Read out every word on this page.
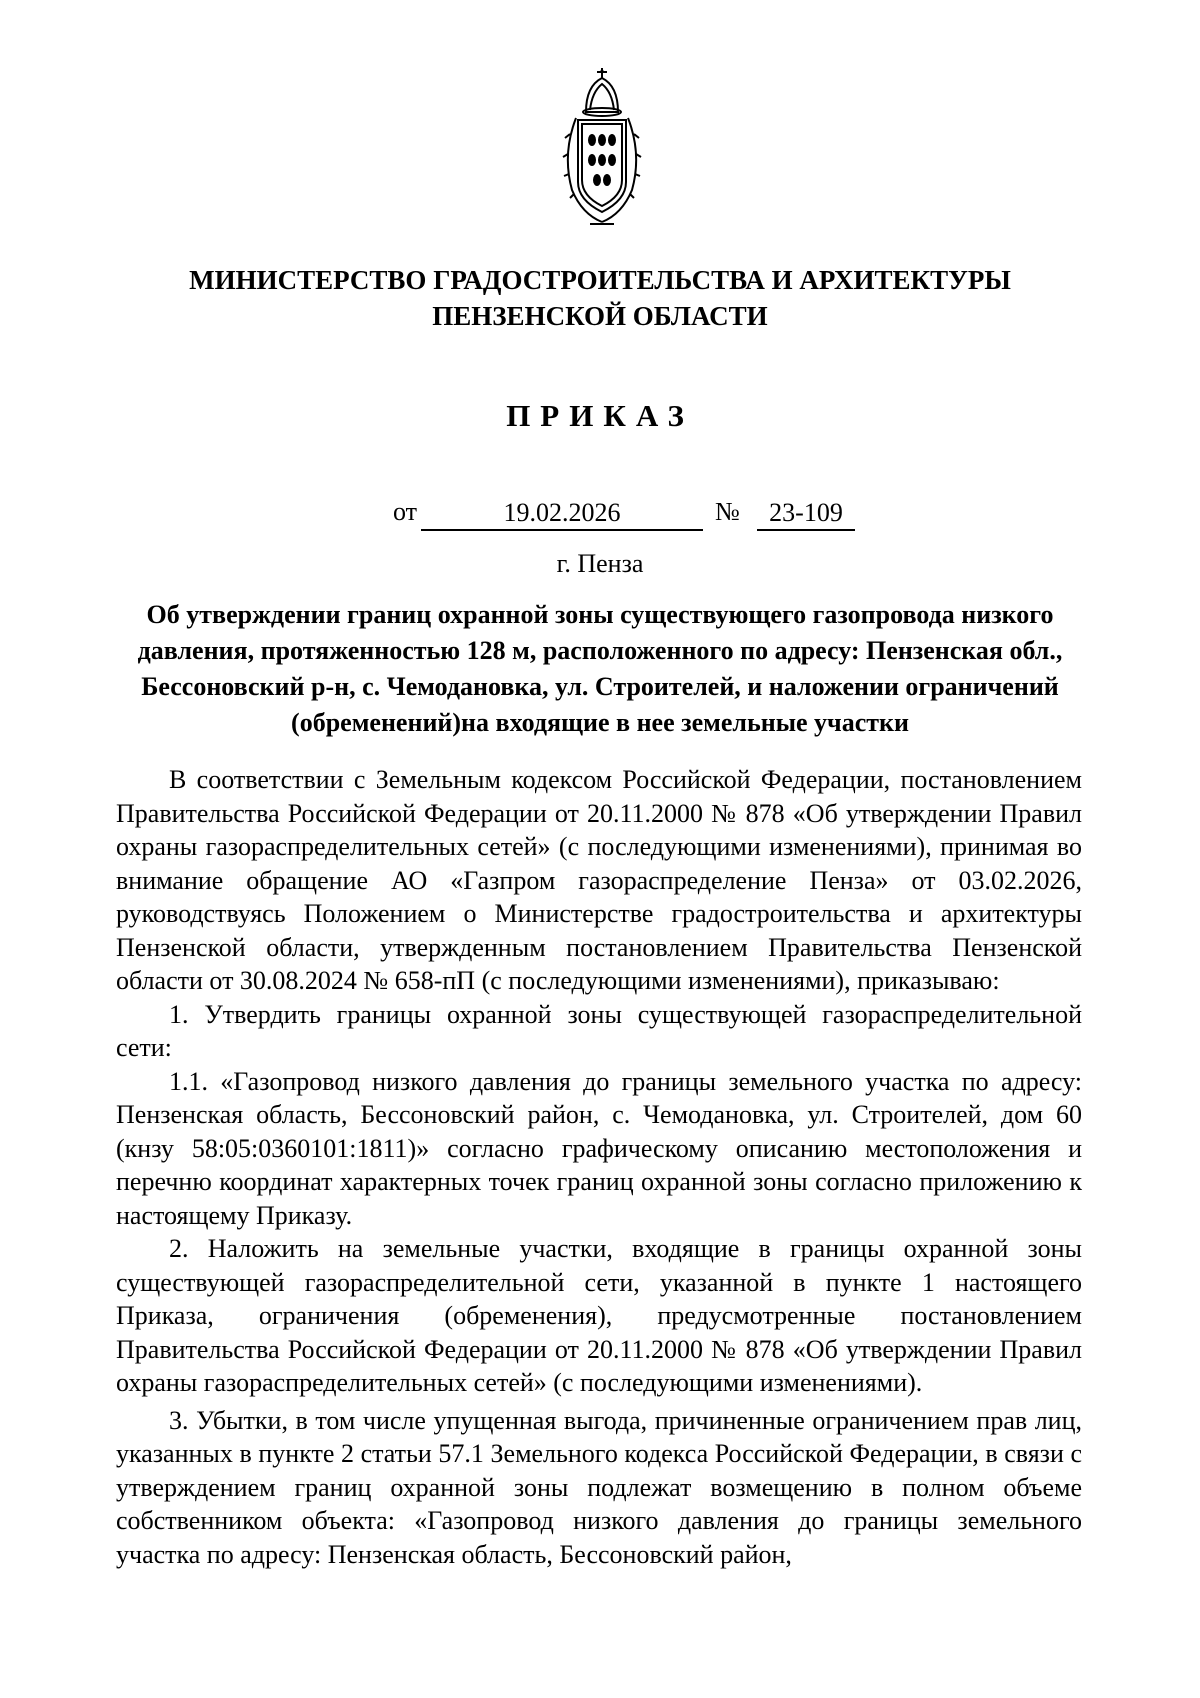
МИНИСТЕРСТВО ГРАДОСТРОИТЕЛЬСТВА И АРХИТЕКТУРЫ
ПЕНЗЕНСКОЙ ОБЛАСТИ
ПРИКАЗ
от	19.02.2026	№	23-109
г. Пенза
Об утверждении границ охранной зоны существующего газопровода низкого давления, протяженностью 128 м, расположенного по адресу: Пензенская обл., Бессоновский р-н, с. Чемодановка, ул. Строителей, и наложении ограничений (обременений)на входящие в нее земельные участки

В соответствии с Земельным кодексом Российской Федерации, постановлением Правительства Российской Федерации от 20.11.2000 № 878 «Об утверждении Правил охраны газораспределительных сетей» (с последующими изменениями), принимая во внимание обращение АО «Газпром газораспределение Пенза» от 03.02.2026, руководствуясь Положением о Министерстве градостроительства и архитектуры Пензенской области, утвержденным постановлением Правительства Пензенской области от 30.08.2024 № 658-пП (с последующими изменениями), приказываю:

1. Утвердить границы охранной зоны существующей газораспределительной сети:

1.1. «Газопровод низкого давления до границы земельного участка по адресу: Пензенская область, Бессоновский район, с. Чемодановка, ул. Строителей, дом 60 (кнзу 58:05:0360101:1811)» согласно графическому описанию местоположения и перечню координат характерных точек границ охранной зоны согласно приложению к настоящему Приказу.

2. Наложить на земельные участки, входящие в границы охранной зоны существующей газораспределительной сети, указанной в пункте 1 настоящего Приказа, ограничения (обременения), предусмотренные постановлением Правительства Российской Федерации от 20.11.2000 № 878 «Об утверждении Правил охраны газораспределительных сетей» (с последующими изменениями).

3. Убытки, в том числе упущенная выгода, причиненные ограничением прав лиц, указанных в пункте 2 статьи 57.1 Земельного кодекса Российской Федерации, в связи с утверждением границ охранной зоны подлежат возмещению в полном объеме собственником объекта: «Газопровод низкого давления до границы земельного участка по адресу: Пензенская область, Бессоновский район,
